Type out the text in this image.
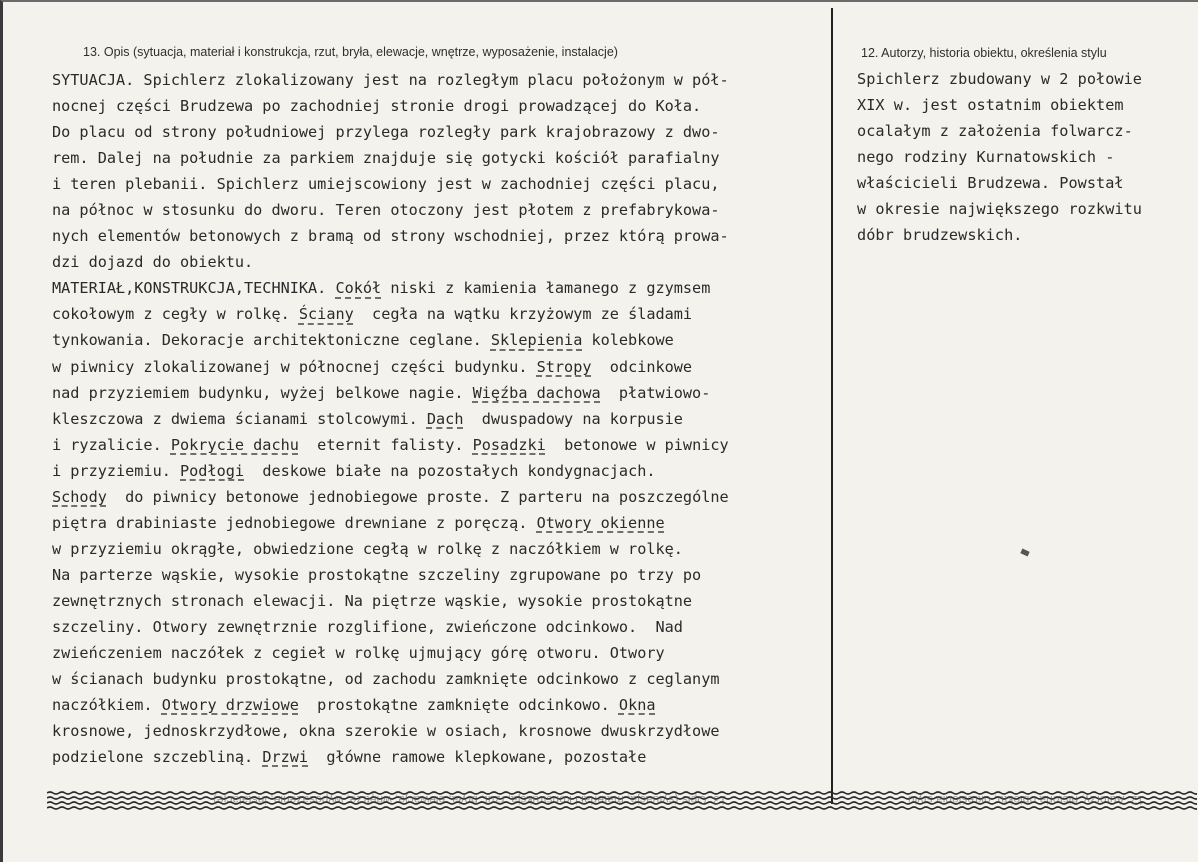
13. Opis (sytuacja, materiał i konstrukcja, rzut, bryła, elewacje, wnętrze, wyposażenie, instalacje)
SYTUACJA. Spichlerz zlokalizowany jest na rozległym placu położonym w pół-
nocnej części Brudzewa po zachodniej stronie drogi prowadzącej do Koła.
Do placu od strony południowej przylega rozległy park krajobrazowy z dwo-
rem. Dalej na południe za parkiem znajduje się gotycki kościół parafialny
i teren plebanii. Spichlerz umiejscowiony jest w zachodniej części placu,
na północ w stosunku do dworu. Teren otoczony jest płotem z prefabrykowa-
nych elementów betonowych z bramą od strony wschodniej, przez którą prowa-
dzi dojazd do obiektu.
MATERIAŁ,KONSTRUKCJA,TECHNIKA. Cokół niski z kamienia łamanego z gzymsem
cokołowym z cegły w rolkę. Ściany  cegła na wątku krzyżowym ze śladami
tynkowania. Dekoracje architektoniczne ceglane. Sklepienia kolebkowe
w piwnicy zlokalizowanej w północnej części budynku. Stropy  odcinkowe
nad przyziemiem budynku, wyżej belkowe nagie. Więźba dachowa  płatwiowo-
kleszczowa z dwiema ścianami stolcowymi. Dach  dwuspadowy na korpusie
i ryzalicie. Pokrycie dachu  eternit falisty. Posadzki  betonowe w piwnicy
i przyziemiu. Podłogi  deskowe białe na pozostałych kondygnacjach.
Schody  do piwnicy betonowe jednobiegowe proste. Z parteru na poszczególne
piętra drabiniaste jednobiegowe drewniane z poręczą. Otwory okienne
w przyziemiu okrągłe, obwiedzione cegłą w rolkę z naczółkiem w rolkę.
Na parterze wąskie, wysokie prostokątne szczeliny zgrupowane po trzy po
zewnętrznych stronach elewacji. Na piętrze wąskie, wysokie prostokątne
szczeliny. Otwory zewnętrznie rozglifione, zwieńczone odcinkowo.  Nad
zwieńczeniem naczółek z cegieł w rolkę ujmujący górę otworu. Otwory
w ścianach budynku prostokątne, od zachodu zamknięte odcinkowo z ceglanym
naczółkiem. Otwory drzwiowe  prostokątne zamknięte odcinkowo. Okna
krosnowe, jednoskrzydłowe, okna szerokie w osiach, krosnowe dwuskrzydłowe
podzielone szczebliną. Drzwi  główne ramowe klepkowane, pozostałe
12. Autorzy, historia obiektu, określenia stylu
Spichlerz zbudowany w 2 połowie
XIX w. jest ostatnim obiektem
ocalałym z założenia folwarcz-
nego rodziny Kurnatowskich -
właścicieli Brudzewa. Powstał
w okresie największego rozkwitu
dóbr brudzewskich.
13. Opis (sytuacja, materiał i konstrukcja, rzut, bryła, elewacje, wnętrze, wyposażenie, instalacje)	12. Autorzy, historia obiektu, określenia stylu
